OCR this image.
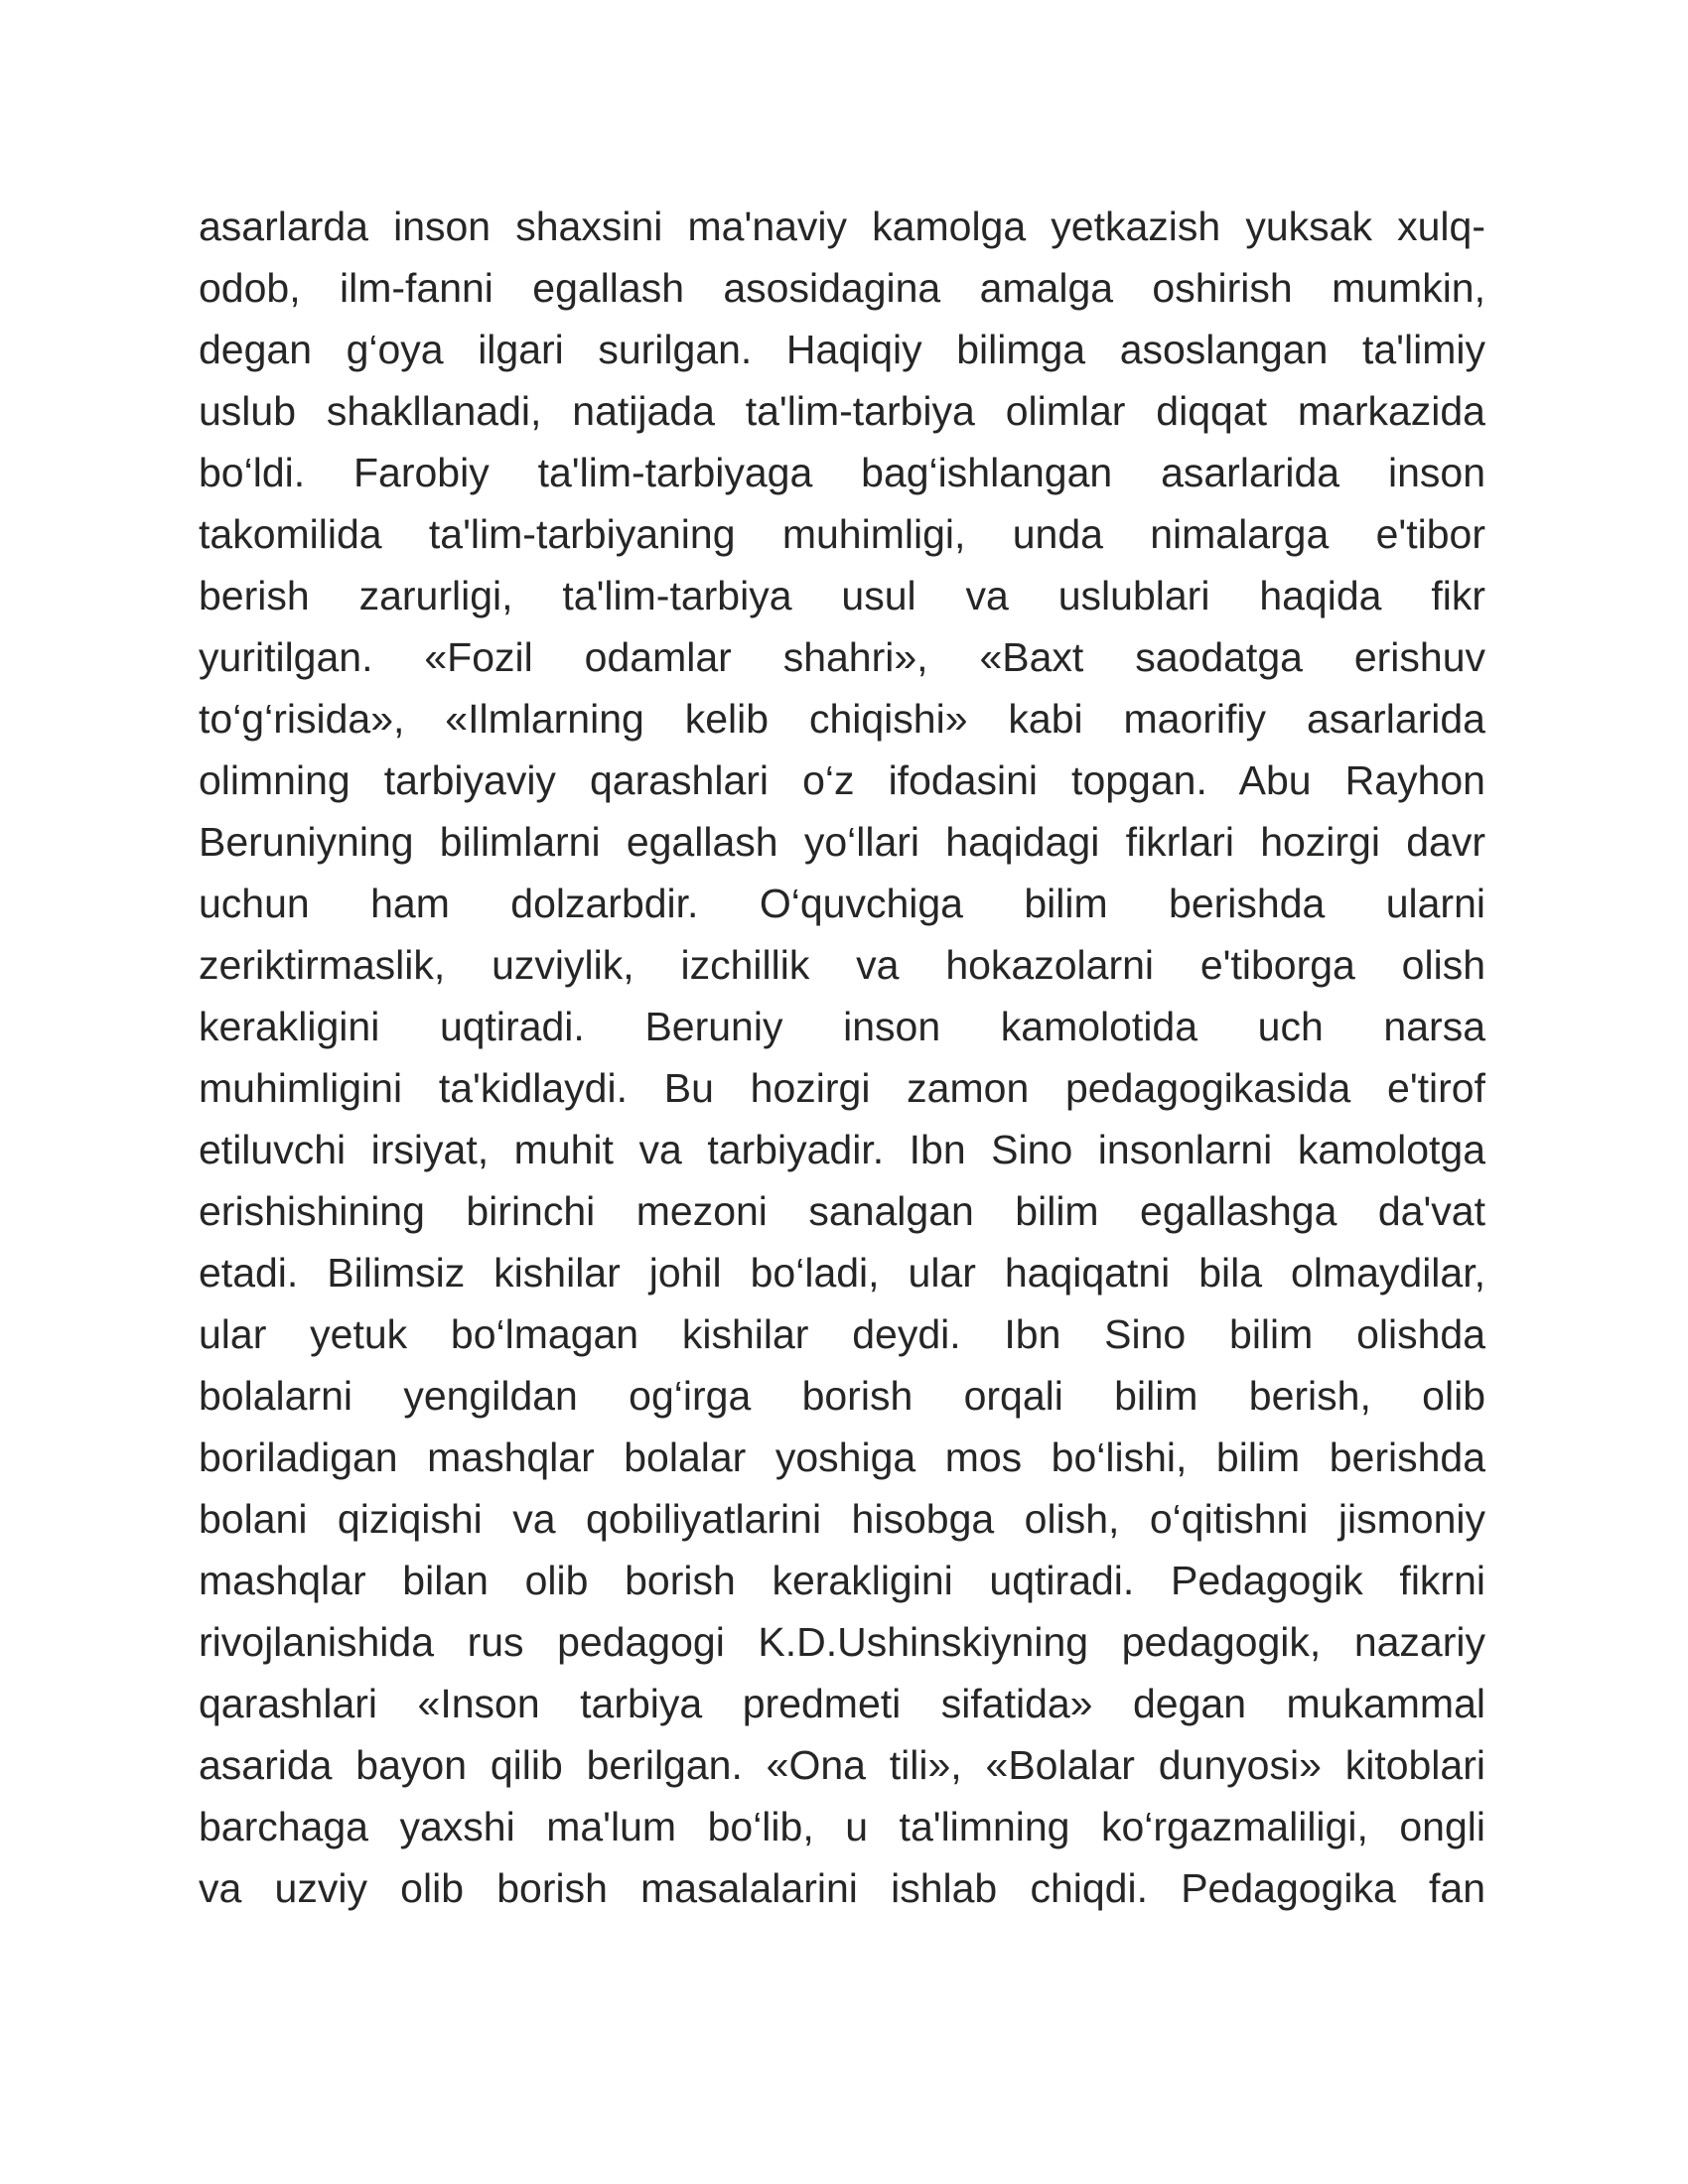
asarlarda inson shaxsini ma'naviy kamolga yetkazish yuksak xulq-
odob, ilm-fanni egallash asosidagina amalga oshirish mumkin,
degan g‘oya ilgari surilgan. Haqiqiy bilimga asoslangan ta'limiy
uslub shakllanadi, natijada ta'lim-tarbiya olimlar diqqat markazida
bo‘ldi. Farobiy ta'lim-tarbiyaga bag‘ishlangan asarlarida inson
takomilida ta'lim-tarbiyaning muhimligi, unda nimalarga e'tibor
berish zarurligi, ta'lim-tarbiya usul va uslublari haqida fikr
yuritilgan. «Fozil odamlar shahri», «Baxt saodatga erishuv
to‘g‘risida», «Ilmlarning kelib chiqishi» kabi maorifiy asarlarida
olimning tarbiyaviy qarashlari o‘z ifodasini topgan. Abu Rayhon
Beruniyning bilimlarni egallash yo‘llari haqidagi fikrlari hozirgi davr
uchun ham dolzarbdir. O‘quvchiga bilim berishda ularni
zeriktirmaslik, uzviylik, izchillik va hokazolarni e'tiborga olish
kerakligini uqtiradi. Beruniy inson kamolotida uch narsa
muhimligini ta'kidlaydi. Bu hozirgi zamon pedagogikasida e'tirof
etiluvchi irsiyat, muhit va tarbiyadir. Ibn Sino insonlarni kamolotga
erishishining birinchi mezoni sanalgan bilim egallashga da'vat
etadi. Bilimsiz kishilar johil bo‘ladi, ular haqiqatni bila olmaydilar,
ular yetuk bo‘lmagan kishilar deydi. Ibn Sino bilim olishda
bolalarni yengildan og‘irga borish orqali bilim berish, olib
boriladigan mashqlar bolalar yoshiga mos bo‘lishi, bilim berishda
bolani qiziqishi va qobiliyatlarini hisobga olish, o‘qitishni jismoniy
mashqlar bilan olib borish kerakligini uqtiradi. Pedagogik fikrni
rivojlanishida rus pedagogi K.D.Ushinskiyning pedagogik, nazariy
qarashlari «Inson tarbiya predmeti sifatida» degan mukammal
asarida bayon qilib berilgan. «Ona tili», «Bolalar dunyosi» kitoblari
barchaga yaxshi ma'lum bo‘lib, u ta'limning ko‘rgazmaliligi, ongli
va uzviy olib borish masalalarini ishlab chiqdi. Pedagogika fan
